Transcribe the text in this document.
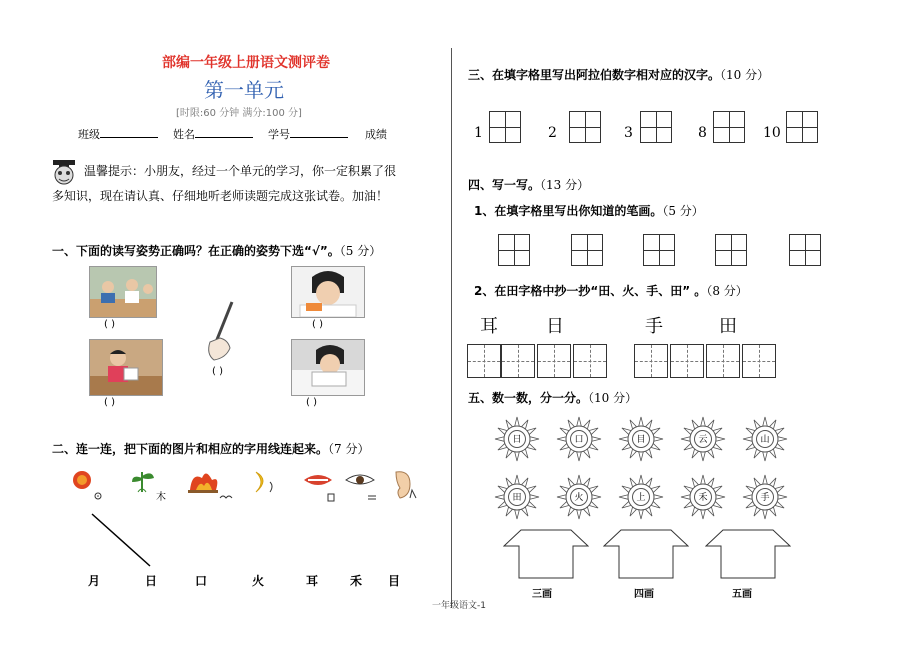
部编一年级上册语文测评卷
第一单元
[时限:60 分钟 满分:100 分]
班级	姓名	学号	成绩
温馨提示：小朋友，经过一个单元的学习，你一定积累了很
多知识，现在请认真、仔细地听老师读题完成这张试卷。加油！
一、下面的读写姿势正确吗？在正确的姿势下选“√”。（5 分）
( )
( )
( )
( )
( )
二、连一连，把下面的图片和相应的字用线连起来。（7 分）
木
月	日	口	火	耳	禾 目
三、在填字格里写出阿拉伯数字相对应的汉字。（10 分）
1	2	3	8	10
四、写一写。（13 分）
1、在填字格里写出你知道的笔画。（5 分）
2、在田字格中抄一抄“田、火、手、田” 。（8 分）
耳	日	手	田
五、数一数，分一分。（10 分）
日	口	目	云	山
田	火	上	禾	手
三画	四画	五画
一年级语文-1
